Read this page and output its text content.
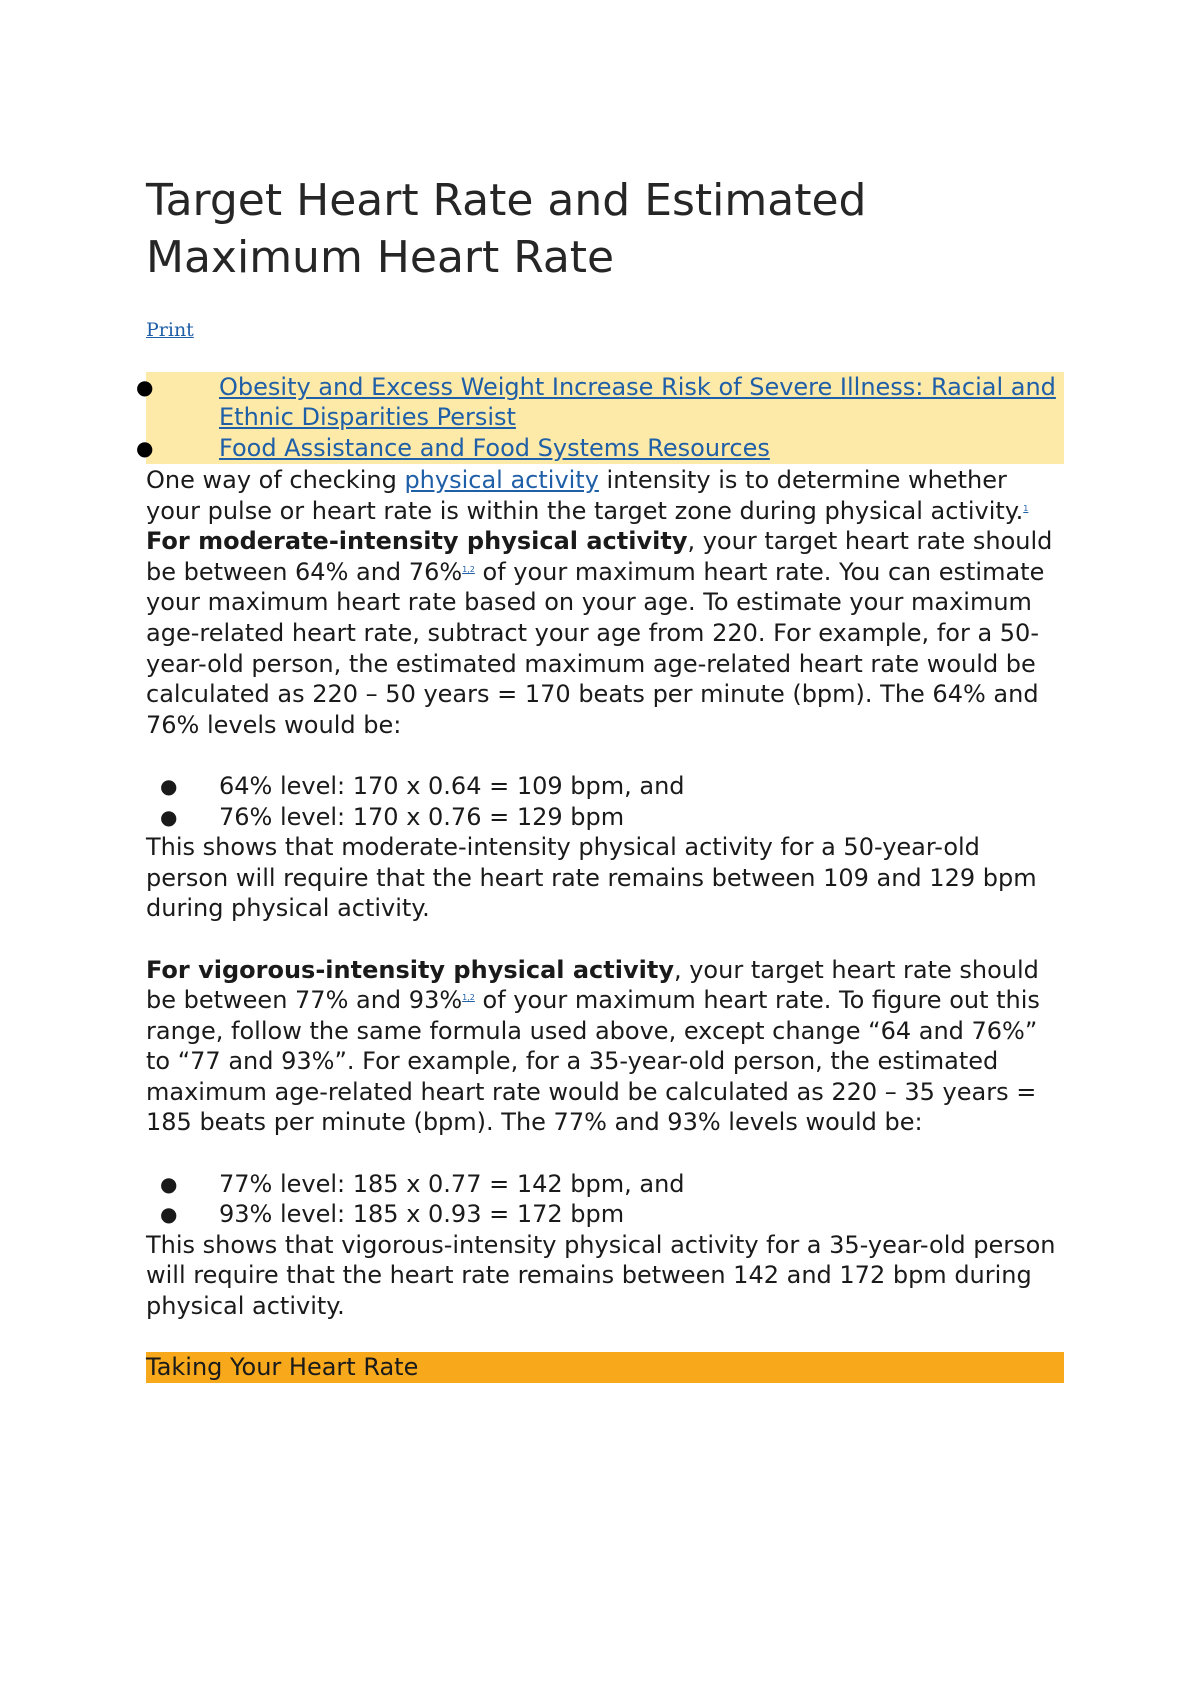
Target Heart Rate and Estimated Maximum Heart Rate
Print
●	Obesity and Excess Weight Increase Risk of Severe Illness: Racial and Ethnic Disparities Persist
●	Food Assistance and Food Systems Resources

One way of checking physical activity intensity is to determine whether your pulse or heart rate is within the target zone during physical activity.$^1$

For moderate-intensity physical activity, your target heart rate should be between 64% and 76%$^{1,2}$ of your maximum heart rate. You can estimate your maximum heart rate based on your age. To estimate your maximum age-related heart rate, subtract your age from 220. For example, for a 50-year-old person, the estimated maximum age-related heart rate would be calculated as 220 – 50 years = 170 beats per minute (bpm). The 64% and 76% levels would be:

● 64% level: 170 x 0.64 = 109 bpm, and
● 76% level: 170 x 0.76 = 129 bpm

This shows that moderate-intensity physical activity for a 50-year-old person will require that the heart rate remains between 109 and 129 bpm during physical activity.

For vigorous-intensity physical activity, your target heart rate should be between 77% and 93%$^{1,2}$ of your maximum heart rate. To figure out this range, follow the same formula used above, except change “64 and 76%” to “77 and 93%”. For example, for a 35-year-old person, the estimated maximum age-related heart rate would be calculated as 220 – 35 years = 185 beats per minute (bpm). The 77% and 93% levels would be:

● 77% level: 185 x 0.77 = 142 bpm, and
● 93% level: 185 x 0.93 = 172 bpm

This shows that vigorous-intensity physical activity for a 35-year-old person will require that the heart rate remains between 142 and 172 bpm during physical activity.

Taking Your Heart Rate
